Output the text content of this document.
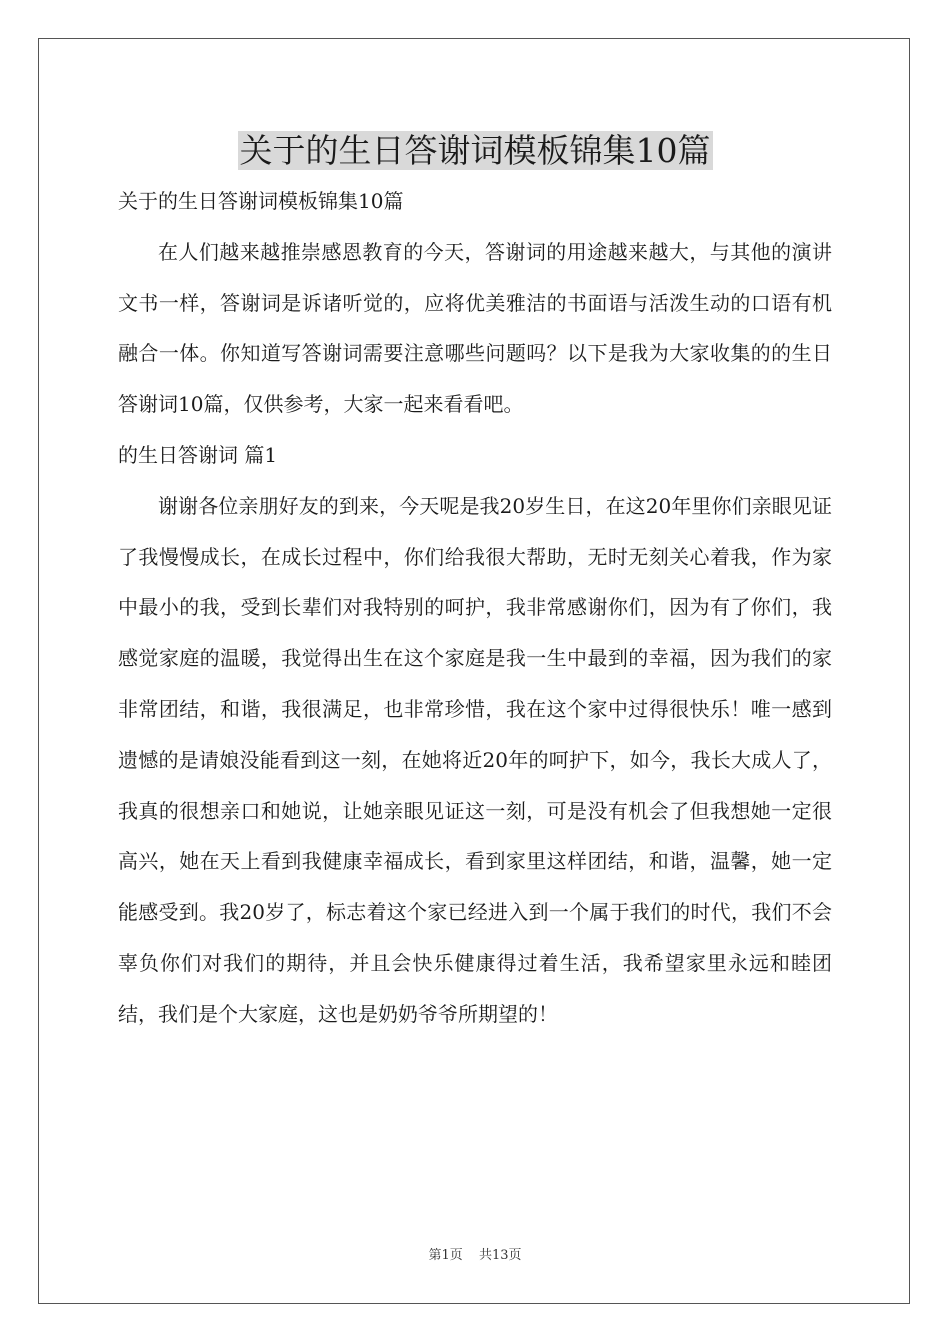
关于的生日答谢词模板锦集10篇

关于的生日答谢词模板锦集10篇

在人们越来越推崇感恩教育的今天，答谢词的用途越来越大，与其他的演讲文书一样，答谢词是诉诸听觉的，应将优美雅洁的书面语与活泼生动的口语有机融合一体。你知道写答谢词需要注意哪些问题吗？以下是我为大家收集的的生日答谢词10篇，仅供参考，大家一起来看看吧。

的生日答谢词 篇1

谢谢各位亲朋好友的到来，今天呢是我20岁生日，在这20年里你们亲眼见证了我慢慢成长，在成长过程中，你们给我很大帮助，无时无刻关心着我，作为家中最小的我，受到长辈们对我特别的呵护，我非常感谢你们，因为有了你们，我感觉家庭的温暖，我觉得出生在这个家庭是我一生中最到的幸福，因为我们的家非常团结，和谐，我很满足，也非常珍惜，我在这个家中过得很快乐！唯一感到遗憾的是请娘没能看到这一刻，在她将近20年的呵护下，如今，我长大成人了，我真的很想亲口和她说，让她亲眼见证这一刻，可是没有机会了但我想她一定很高兴，她在天上看到我健康幸福成长，看到家里这样团结，和谐，温馨，她一定能感受到。我20岁了，标志着这个家已经进入到一个属于我们的时代，我们不会辜负你们对我们的期待，并且会快乐健康得过着生活，我希望家里永远和睦团结，我们是个大家庭，这也是奶奶爷爷所期望的！

第1页 共13页
